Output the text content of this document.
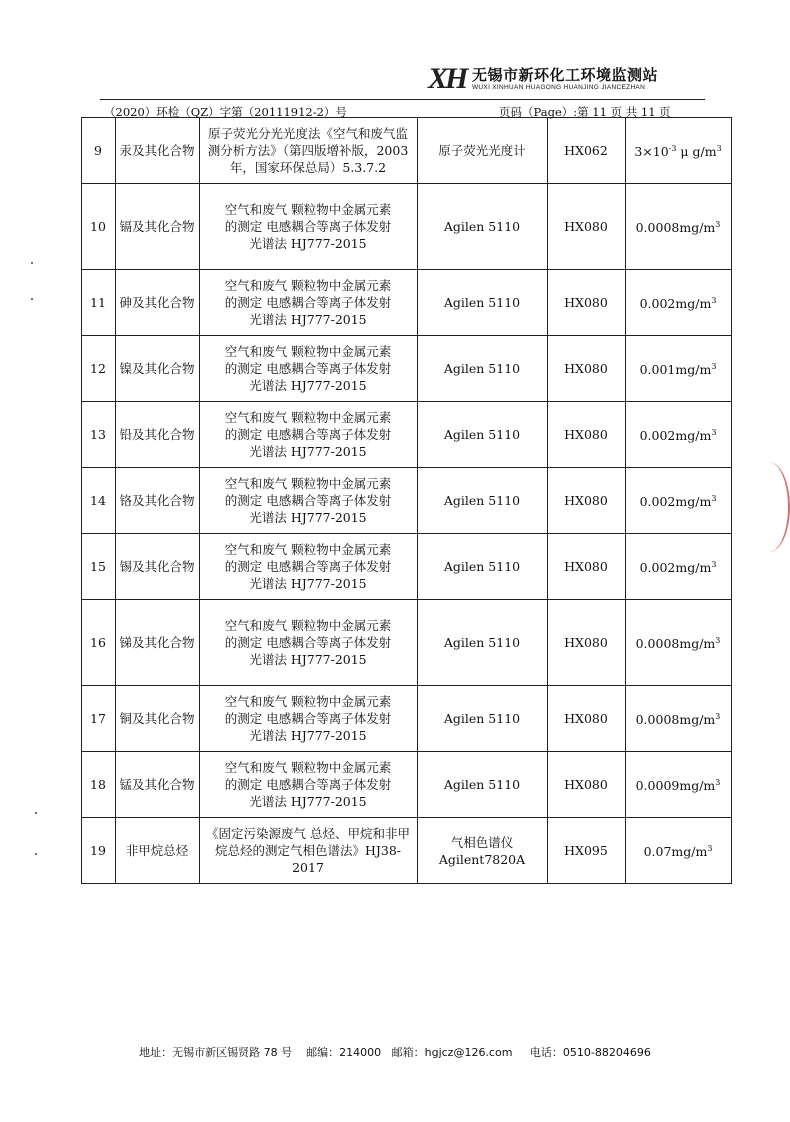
XH 无锡市新环化工环境监测站
WUXI XINHUAN HUAGONG HUANJING JIANCEZHAN
（2020）环检（QZ）字第（20111912-2）号	页码（Page）:第 11 页 共 11 页
	9	汞及其化合物	原子荧光分光光度法《空气和废气监测分析方法》（第四版增补版，2003 年，国家环保总局）5.3.7.2	原子荧光光度计	HX062	$3\times 10^{-3}$ μ $g/m^3$
	10	镉及其化合物	空气和废气 颗粒物中金属元素
的测定 电感耦合等离子体发射
光谱法 HJ777-2015	Agilen 5110	HX080	$0.0008mg/m^3$
	11	砷及其化合物	空气和废气 颗粒物中金属元素
的测定 电感耦合等离子体发射
光谱法 HJ777-2015	Agilen 5110	HX080	$0.002mg/m^3$
	12	镍及其化合物	空气和废气 颗粒物中金属元素
的测定 电感耦合等离子体发射
光谱法 HJ777-2015	Agilen 5110	HX080	$0.001mg/m^3$
	13	铅及其化合物	空气和废气 颗粒物中金属元素
的测定 电感耦合等离子体发射
光谱法 HJ777-2015	Agilen 5110	HX080	$0.002mg/m^3$
	14	铬及其化合物	空气和废气 颗粒物中金属元素
的测定 电感耦合等离子体发射
光谱法 HJ777-2015	Agilen 5110	HX080	$0.002mg/m^3$
	15	锡及其化合物	空气和废气 颗粒物中金属元素
的测定 电感耦合等离子体发射
光谱法 HJ777-2015	Agilen 5110	HX080	$0.002mg/m^3$
	16	锑及其化合物	空气和废气 颗粒物中金属元素
的测定 电感耦合等离子体发射
光谱法 HJ777-2015	Agilen 5110	HX080	$0.0008mg/m^3$
	17	铜及其化合物	空气和废气 颗粒物中金属元素
的测定 电感耦合等离子体发射
光谱法 HJ777-2015	Agilen 5110	HX080	$0.0008mg/m^3$
	18	锰及其化合物	空气和废气 颗粒物中金属元素
的测定 电感耦合等离子体发射
光谱法 HJ777-2015	Agilen 5110	HX080	$0.0009mg/m^3$
	19	非甲烷总烃	《固定污染源废气 总烃、甲烷和非甲烷总烃的测定气相色谱法》HJ38-2017	气相色谱仪
Agilent7820A	HX095	$0.07mg/m^3$
地址：无锡市新区锡贤路 78 号 邮编：214000 邮箱：hgjcz@126.com 电话：0510-88204696
